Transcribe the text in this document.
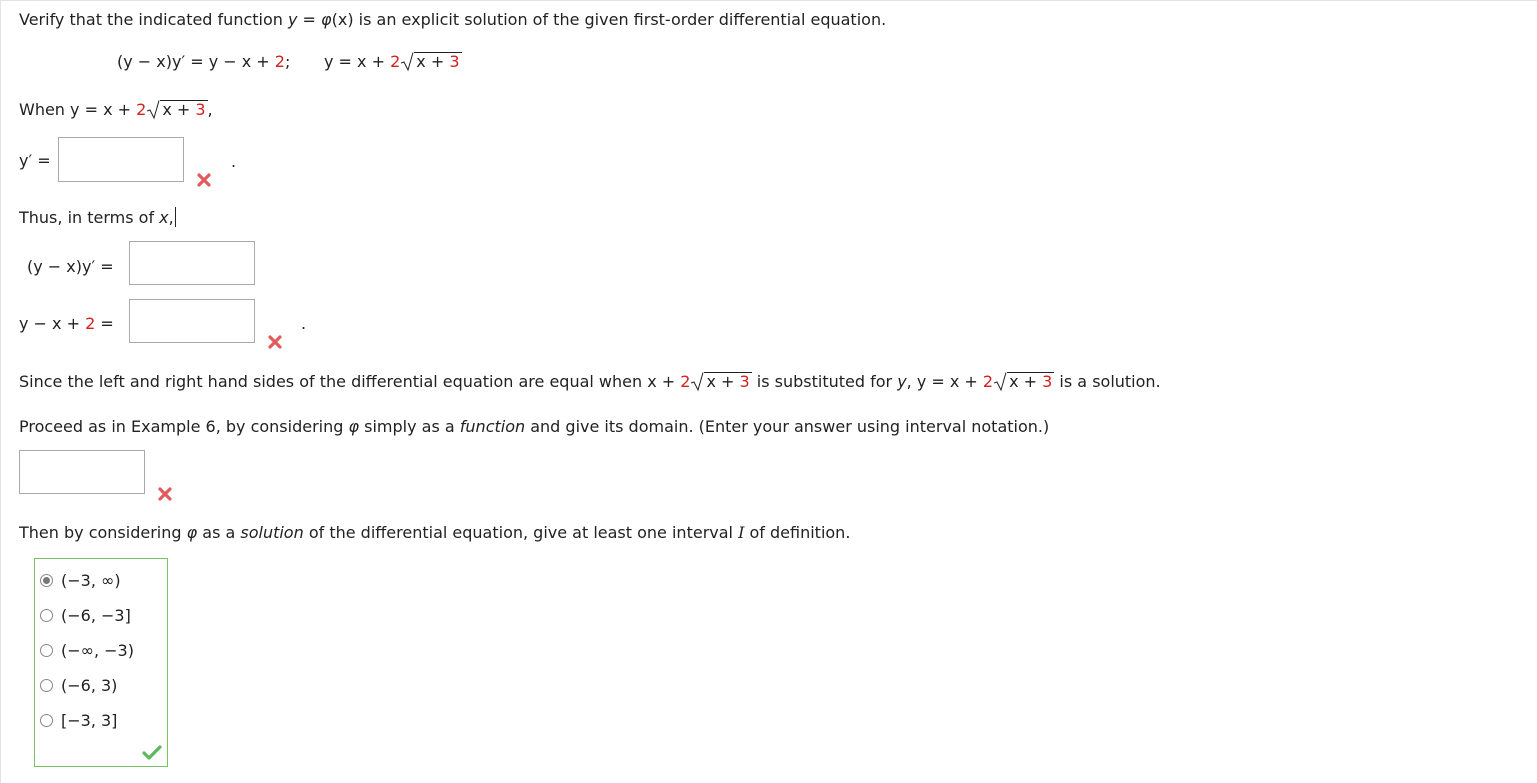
Verify that the indicated function y = φ(x) is an explicit solution of the given first-order differential equation.
(y − x)y′ = y − x + 2; y = x + 2 x + 3
When y = x + 2 x + 3 ,
y′ =	.
Thus, in terms of x,
(y − x)y′ =
y − x + 2 =	.
Since the left and right hand sides of the differential equation are equal when x + 2 x + 3 is substituted for y, y = x + 2 x + 3 is a solution.
Proceed as in Example 6, by considering φ simply as a function and give its domain. (Enter your answer using interval notation.)
Then by considering φ as a solution of the differential equation, give at least one interval I of definition.
(−3, ∞)
(−6, −3]
(−∞, −3)
(−6, 3)
[−3, 3]
